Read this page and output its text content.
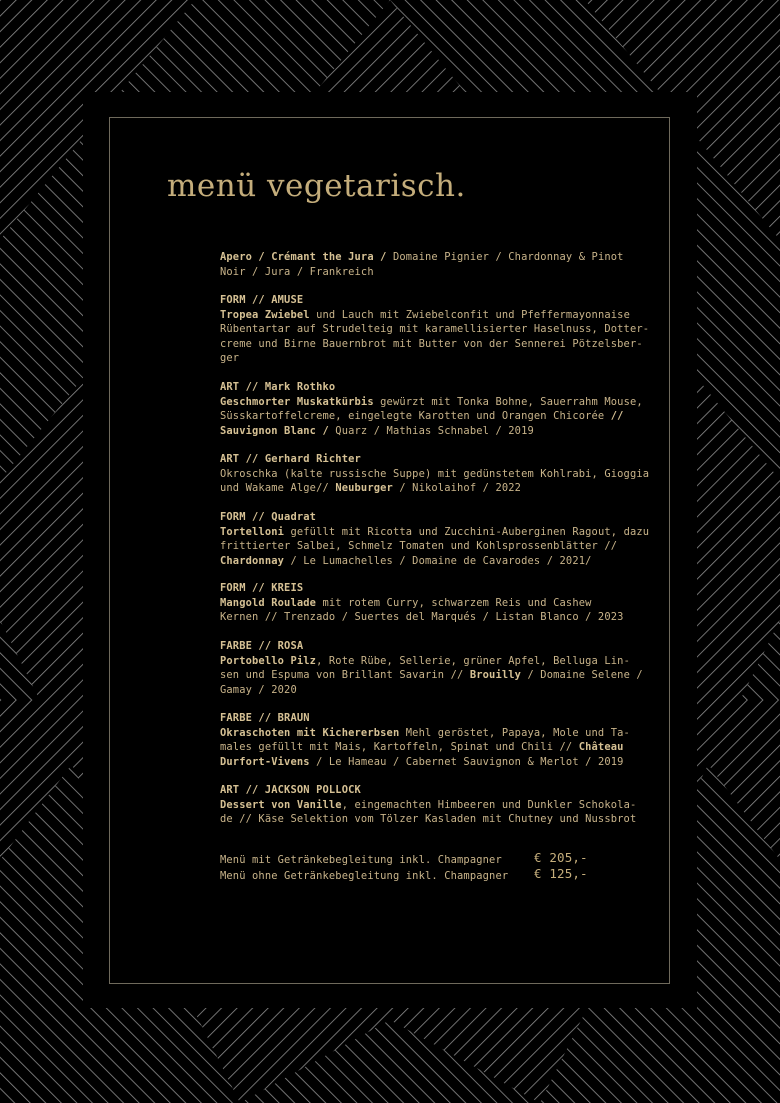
menü vegetarisch.

Apero / Crémant the Jura / Domaine Pignier / Chardonnay & Pinot

Noir / Jura / Frankreich

FORM // AMUSE

Tropea Zwiebel und Lauch mit Zwiebelconfit und Pfeffermayonnaise

Rübentartar auf Strudelteig mit karamellisierter Haselnuss, Dotter-

creme und Birne Bauernbrot mit Butter von der Sennerei Pötzelsber-

ger

ART // Mark Rothko

Geschmorter Muskatkürbis gewürzt mit Tonka Bohne, Sauerrahm Mouse,

Süsskartoffelcreme, eingelegte Karotten und Orangen Chicorée //

Sauvignon Blanc / Quarz / Mathias Schnabel / 2019

ART // Gerhard Richter

Okroschka (kalte russische Suppe) mit gedünstetem Kohlrabi, Gioggia

und Wakame Alge// Neuburger / Nikolaihof / 2022

FORM // Quadrat

Tortelloni gefüllt mit Ricotta und Zucchini-Auberginen Ragout, dazu

frittierter Salbei, Schmelz Tomaten und Kohlsprossenblätter //

Chardonnay / Le Lumachelles / Domaine de Cavarodes / 2021/

FORM // KREIS

Mangold Roulade mit rotem Curry, schwarzem Reis und Cashew

Kernen // Trenzado / Suertes del Marqués / Listan Blanco / 2023

FARBE // ROSA

Portobello Pilz, Rote Rübe, Sellerie, grüner Apfel, Belluga Lin-

sen und Espuma von Brillant Savarin // Brouilly / Domaine Selene /

Gamay / 2020

FARBE // BRAUN

Okraschoten mit Kichererbsen Mehl geröstet, Papaya, Mole und Ta-

males gefüllt mit Mais, Kartoffeln, Spinat und Chili // Château

Durfort-Vivens / Le Hameau / Cabernet Sauvignon & Merlot / 2019

ART // JACKSON POLLOCK

Dessert von Vanille, eingemachten Himbeeren und Dunkler Schokola-

de // Käse Selektion vom Tölzer Kasladen mit Chutney und Nussbrot

Menü mit Getränkebegleitung inkl. Champagner	€ 205,-
Menü ohne Getränkebegleitung inkl. Champagner € 125,-
